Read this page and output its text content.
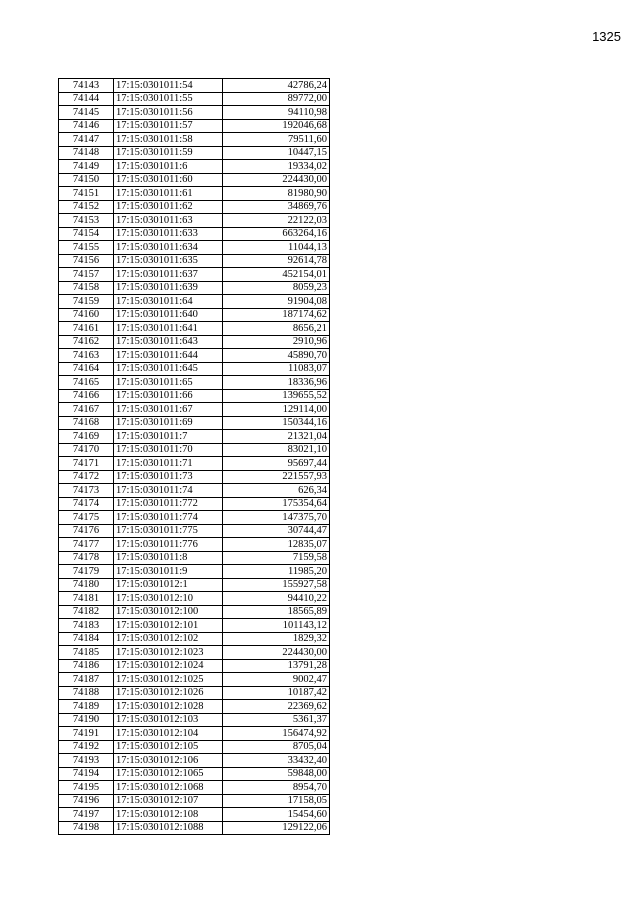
1325
74143	17:15:0301011:54	42786,24
74144	17:15:0301011:55	89772,00
74145	17:15:0301011:56	94110,98
74146	17:15:0301011:57	192046,68
74147	17:15:0301011:58	79511,60
74148	17:15:0301011:59	10447,15
74149	17:15:0301011:6	19334,02
74150	17:15:0301011:60	224430,00
74151	17:15:0301011:61	81980,90
74152	17:15:0301011:62	34869,76
74153	17:15:0301011:63	22122,03
74154	17:15:0301011:633	663264,16
74155	17:15:0301011:634	11044,13
74156	17:15:0301011:635	92614,78
74157	17:15:0301011:637	452154,01
74158	17:15:0301011:639	8059,23
74159	17:15:0301011:64	91904,08
74160	17:15:0301011:640	187174,62
74161	17:15:0301011:641	8656,21
74162	17:15:0301011:643	2910,96
74163	17:15:0301011:644	45890,70
74164	17:15:0301011:645	11083,07
74165	17:15:0301011:65	18336,96
74166	17:15:0301011:66	139655,52
74167	17:15:0301011:67	129114,00
74168	17:15:0301011:69	150344,16
74169	17:15:0301011:7	21321,04
74170	17:15:0301011:70	83021,10
74171	17:15:0301011:71	95697,44
74172	17:15:0301011:73	221557,93
74173	17:15:0301011:74	626,34
74174	17:15:0301011:772	175354,64
74175	17:15:0301011:774	147375,70
74176	17:15:0301011:775	30744,47
74177	17:15:0301011:776	12835,07
74178	17:15:0301011:8	7159,58
74179	17:15:0301011:9	11985,20
74180	17:15:0301012:1	155927,58
74181	17:15:0301012:10	94410,22
74182	17:15:0301012:100	18565,89
74183	17:15:0301012:101	101143,12
74184	17:15:0301012:102	1829,32
74185	17:15:0301012:1023	224430,00
74186	17:15:0301012:1024	13791,28
74187	17:15:0301012:1025	9002,47
74188	17:15:0301012:1026	10187,42
74189	17:15:0301012:1028	22369,62
74190	17:15:0301012:103	5361,37
74191	17:15:0301012:104	156474,92
74192	17:15:0301012:105	8705,04
74193	17:15:0301012:106	33432,40
74194	17:15:0301012:1065	59848,00
74195	17:15:0301012:1068	8954,70
74196	17:15:0301012:107	17158,05
74197	17:15:0301012:108	15454,60
74198	17:15:0301012:1088	129122,06
